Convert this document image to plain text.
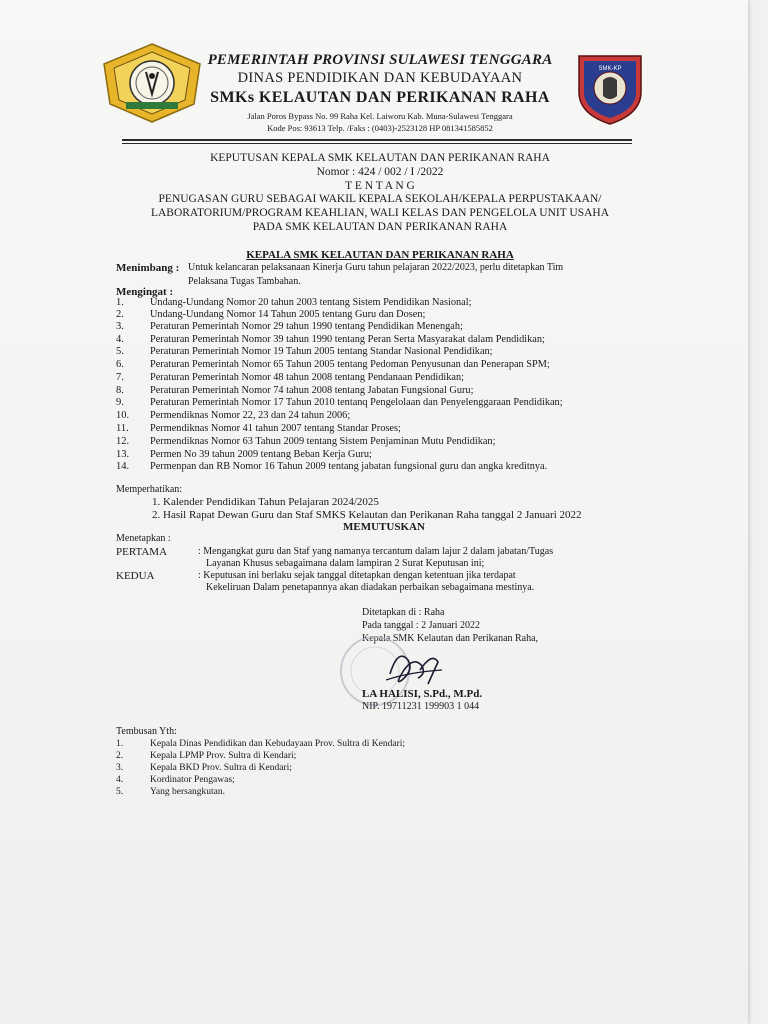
SMK-KP
PEMERINTAH PROVINSI SULAWESI TENGGARA
DINAS PENDIDIKAN DAN KEBUDAYAAN
SMKs KELAUTAN DAN PERIKANAN RAHA
Jalan Poros Bypass No. 99 Raha Kel. Laiworu Kab. Muna-Sulawesi Tenggara
Kode Pos: 93613 Telp. /Faks : (0403)-2523128 HP 081341585852
KEPUTUSAN KEPALA SMK KELAUTAN DAN PERIKANAN RAHA
Nomor : 424 / 002 / I /2022
T E N T A N G
PENUGASAN GURU SEBAGAI WAKIL KEPALA SEKOLAH/KEPALA PERPUSTAKAAN/
LABORATORIUM/PROGRAM KEAHLIAN, WALI KELAS DAN PENGELOLA UNIT USAHA
PADA SMK KELAUTAN DAN PERIKANAN RAHA
KEPALA SMK KELAUTAN DAN PERIKANAN RAHA
Menimbang : Untuk kelancaran pelaksanaan Kinerja Guru tahun pelajaran 2022/2023, perlu ditetapkan Tim
Pelaksana Tugas Tambahan.
Mengingat :
1.	Undang-Uundang Nomor 20 tahun 2003 tentang Sistem Pendidikan Nasional;
2.	Undang-Uundang Nomor 14 Tahun 2005 tentang Guru dan Dosen;
3.	Peraturan Pemerintah Nomor 29 tahun 1990 tentang Pendidikan Menengah;
4.	Peraturan Pemerintah Nomor 39 tahun 1990 tentang Peran Serta Masyarakat dalam Pendidikan;
5.	Peraturan Pemerintah Nomor 19 Tahun 2005 tentang Standar Nasional Pendidikan;
6.	Peraturan Pemerintah Nomor 65 Tahun 2005 tentang Pedoman Penyusunan dan Penerapan SPM;
7.	Peraturan Pemerintah Nomor 48 tahun 2008 tentang Pendanaan Pendidikan;
8.	Peraturan Pemerintah Nomor 74 tahun 2008 tentang Jabatan Fungsional Guru;
9.	Peraturan Pemerintah Nomor 17 Tahun 2010 tentanq Pengelolaan dan Penyelenggaraan Pendidikan;
10. Permendiknas Nomor 22, 23 dan 24 tahun 2006;
11. Permendiknas Nomor 41 tahun 2007 tentang Standar Proses;
12. Permendiknas Nomor 63 Tahun 2009 tentang Sistem Penjaminan Mutu Pendidikan;
13. Permen No 39 tahun 2009 tentang Beban Kerja Guru;
14. Permenpan dan RB Nomor 16 Tahun 2009 tentang jabatan fungsional guru dan angka kreditnya.
Memperhatikan:
1. Kalender Pendidikan Tahun Pelajaran 2024/2025
2. Hasil Rapat Dewan Guru dan Staf SMKS Kelautan dan Perikanan Raha tanggal 2 Januari 2022
MEMUTUSKAN
Menetapkan :
PERTAMA	: Mengangkat guru dan Staf yang namanya tercantum dalam lajur 2 dalam jabatan/Tugas
Layanan Khusus sebagaimana dalam lampiran 2 Surat Keputusan ini;
KEDUA	: Keputusan ini berlaku sejak tanggal ditetapkan dengan ketentuan jika terdapat
Kekeliruan Dalam penetapannya akan diadakan perbaikan sebagaimana mestinya.
Ditetapkan di : Raha
Pada tanggal : 2 Januari 2022
Kepala SMK Kelautan dan Perikanan Raha,
LA HALISI, S.Pd., M.Pd.
NIP. 19711231 199903 1 044
Tembusan Yth:
1.	Kepala Dinas Pendidikan dan Kebudayaan Prov. Sultra di Kendari;
2.	Kepala LPMP Prov. Sultra di Kendari;
3.	Kepala BKD Prov. Sultra di Kendari;
4.	Kordinator Pengawas;
5.	Yang bersangkutan.
